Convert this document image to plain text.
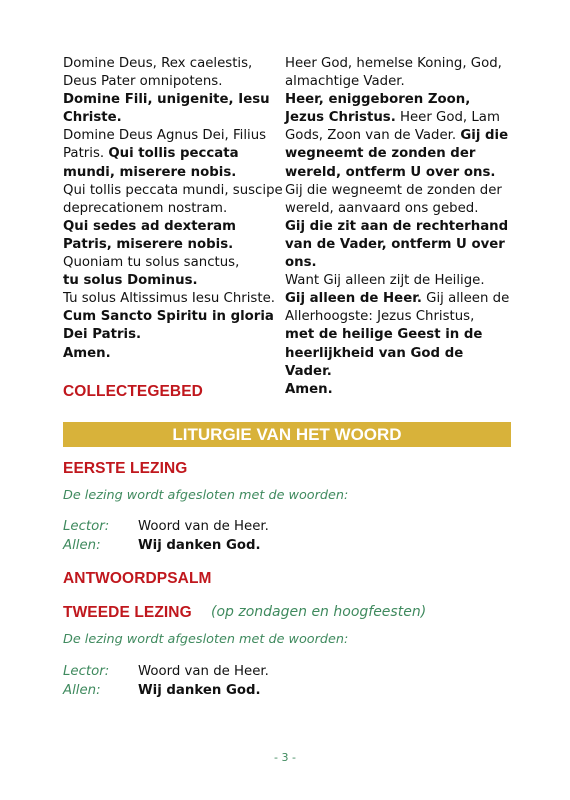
Domine Deus, Rex caelestis, Deus Pater omnipotens.

Domine Fili, unigenite, Iesu Christe.

Domine Deus Agnus Dei, Filius Patris. Qui tollis peccata mundi, miserere nobis.

Qui tollis peccata mundi, suscipe deprecationem nostram.

Qui sedes ad dexteram Patris, miserere nobis.

Quoniam tu solus sanctus,

tu solus Dominus.

Tu solus Altissimus Iesu Christe.

Cum Sancto Spiritu in gloria Dei Patris.

Amen.

Heer God, hemelse Koning, God, almachtige Vader.

Heer, eniggeboren Zoon, Jezus Christus. Heer God, Lam Gods, Zoon van de Vader. Gij die wegneemt de zonden der wereld, ontferm U over ons. Gij die wegneemt de zonden der wereld, aanvaard ons gebed.

Gij die zit aan de rechterhand van de Vader, ontferm U over ons.

Want Gij alleen zijt de Heilige.

Gij alleen de Heer. Gij alleen de Allerhoogste: Jezus Christus,

met de heilige Geest in de heerlijkheid van God de Vader.

Amen.

COLLECTEGEBED
LITURGIE VAN HET WOORD
EERSTE LEZING

De lezing wordt afgesloten met de woorden:

Lector:	Woord van de Heer.
Allen:	Wij danken God.
ANTWOORDPSALM
TWEEDE LEZING (op zondagen en hoogfeesten)

De lezing wordt afgesloten met de woorden:

Lector:	Woord van de Heer.
Allen:	Wij danken God.
- 3 -
